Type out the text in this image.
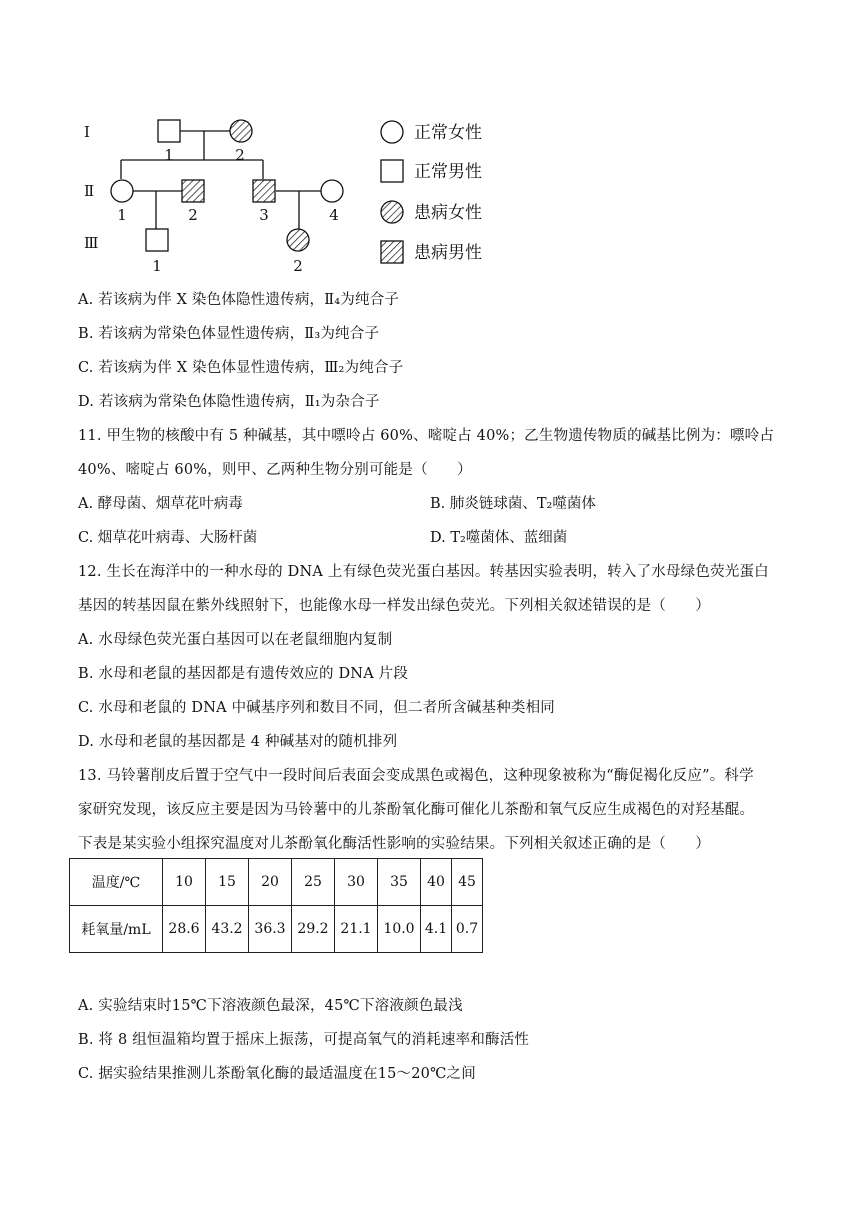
Ⅰ
Ⅱ
Ⅲ
1	2
1	2	3	4
1	2
正常女性
正常男性
患病女性
患病男性
A. 若该病为伴 X 染色体隐性遗传病，Ⅱ₄为纯合子
B. 若该病为常染色体显性遗传病，Ⅱ₃为纯合子
C. 若该病为伴 X 染色体显性遗传病，Ⅲ₂为纯合子
D. 若该病为常染色体隐性遗传病，Ⅱ₁为杂合子
11. 甲生物的核酸中有 5 种碱基，其中嘌呤占 60%、嘧啶占 40%；乙生物遗传物质的碱基比例为：嘌呤占
40%、嘧啶占 60%，则甲、乙两种生物分别可能是（　　）
A. 酵母菌、烟草花叶病毒	B. 肺炎链球菌、T₂噬菌体
C. 烟草花叶病毒、大肠杆菌	D. T₂噬菌体、蓝细菌
12. 生长在海洋中的一种水母的 DNA 上有绿色荧光蛋白基因。转基因实验表明，转入了水母绿色荧光蛋白
基因的转基因鼠在紫外线照射下，也能像水母一样发出绿色荧光。下列相关叙述错误的是（　　）
A. 水母绿色荧光蛋白基因可以在老鼠细胞内复制
B. 水母和老鼠的基因都是有遗传效应的 DNA 片段
C. 水母和老鼠的 DNA 中碱基序列和数目不同，但二者所含碱基种类相同
D. 水母和老鼠的基因都是 4 种碱基对的随机排列
13. 马铃薯削皮后置于空气中一段时间后表面会变成黑色或褐色，这种现象被称为“酶促褐化反应”。科学
家研究发现，该反应主要是因为马铃薯中的儿茶酚氧化酶可催化儿茶酚和氧气反应生成褐色的对羟基醌。
下表是某实验小组探究温度对儿茶酚氧化酶活性影响的实验结果。下列相关叙述正确的是（　　）
温度/℃	10	15	20	25	30	35	40	45
耗氧量/mL	28.6	43.2	36.3	29.2	21.1	10.0	4.1	0.7
A. 实验结束时15℃下溶液颜色最深，45℃下溶液颜色最浅
B. 将 8 组恒温箱均置于摇床上振荡，可提高氧气的消耗速率和酶活性
C. 据实验结果推测儿茶酚氧化酶的最适温度在15～20℃之间
